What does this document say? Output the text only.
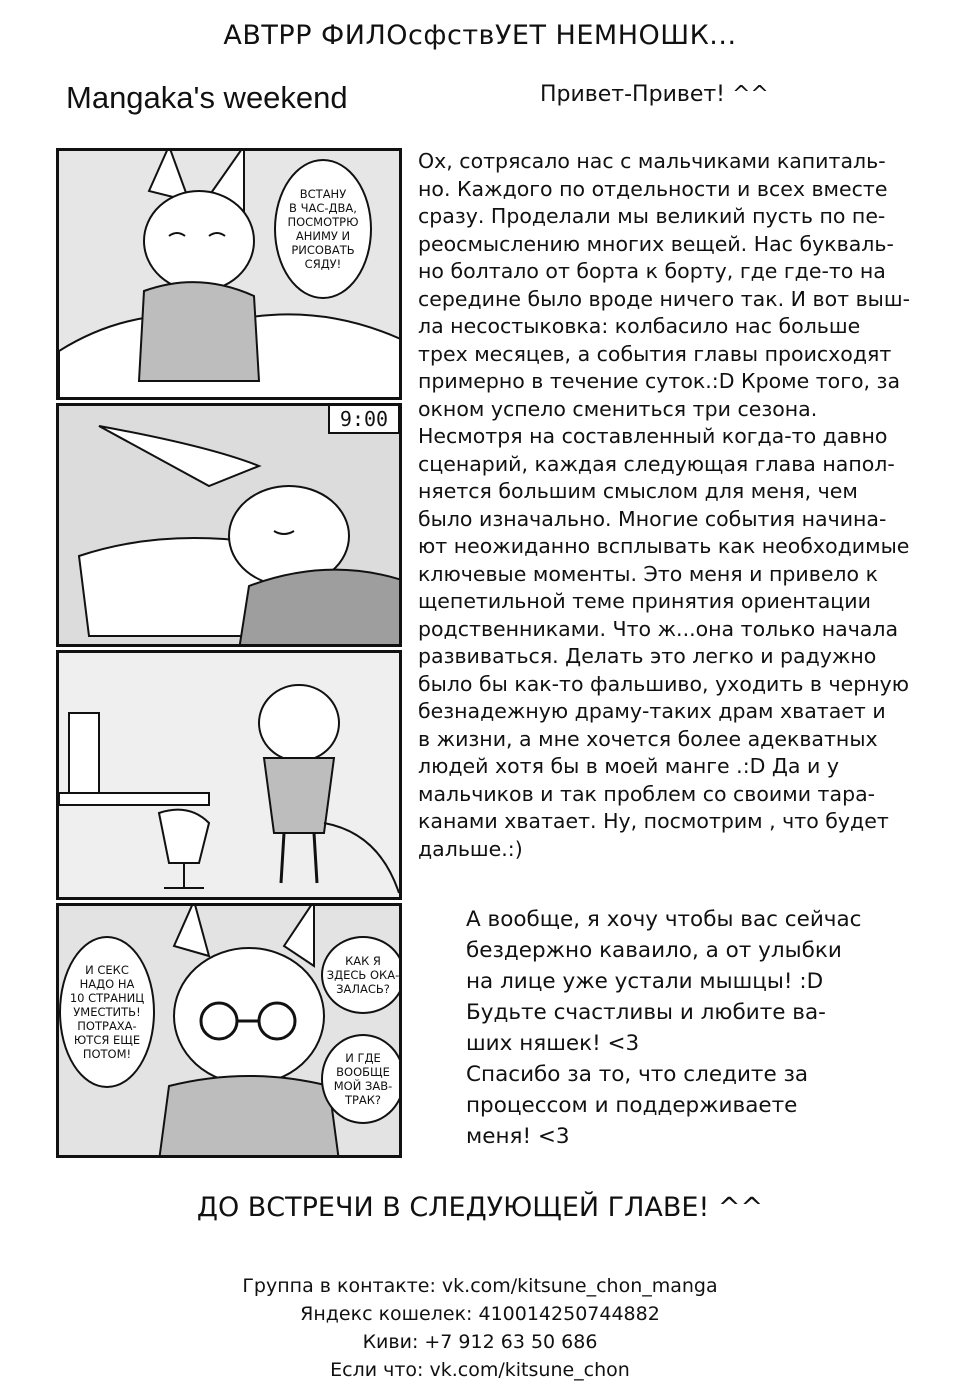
АВТРР ФИЛОсфствУЕТ НЕМНОШК...
Mangaka's weekend	Привет-Привет! ^^
ВСТАНУ
В ЧАС-ДВА,
ПОСМОТРЮ
АНИМУ И
РИСОВАТЬ
СЯДУ!
9:00
И СЕКС
НАДО НА
10 СТРАНИЦ
УМЕСТИТЬ!
ПОТРАХА-
ЮТСЯ ЕЩЕ
ПОТОМ!
КАК Я
ЗДЕСЬ ОКА-
ЗАЛАСЬ?
И ГДЕ
ВООБЩЕ
МОЙ ЗАВ-
ТРАК?
Ох, сотрясало нас с мальчиками капиталь-
но. Каждого по отдельности и всех вместе
сразу. Проделали мы великий пусть по пе-
реосмыслению многих вещей. Нас букваль-
но болтало от борта к борту, где где-то на
середине было вроде ничего так. И вот выш-
ла несостыковка: колбасило нас больше
трех месяцев, а события главы происходят
примерно в течение суток.:D Кроме того, за
окном успело смениться три сезона.
Несмотря на составленный когда-то давно
сценарий, каждая следующая глава напол-
няется большим смыслом для меня, чем
было изначально. Многие события начина-
ют неожиданно всплывать как необходимые
ключевые моменты. Это меня и привело к
щепетильной теме принятия ориентации
родственниками. Что ж...она только начала
развиваться. Делать это легко и радужно
было бы как-то фальшиво, уходить в черную
безнадежную драму-таких драм хватает и
в жизни, а мне хочется более адекватных
людей хотя бы в моей манге .:D Да и у
мальчиков и так проблем со своими тара-
канами хватает. Ну, посмотрим , что будет
дальше.:)
А вообще, я хочу чтобы вас сейчас
бездержно каваило, а от улыбки
на лице уже устали мышцы! :D
Будьте счастливы и любите ва-
ших няшек! <3
Спасибо за то, что следите за
процессом и поддерживаете
меня! <3
ДО ВСТРЕЧИ В СЛЕДУЮЩЕЙ ГЛАВЕ! ^^
Группа в контакте: vk.com/kitsune_chon_manga
Яндекс кошелек: 410014250744882
Киви: +7 912 63 50 686
Если что: vk.com/kitsune_chon
